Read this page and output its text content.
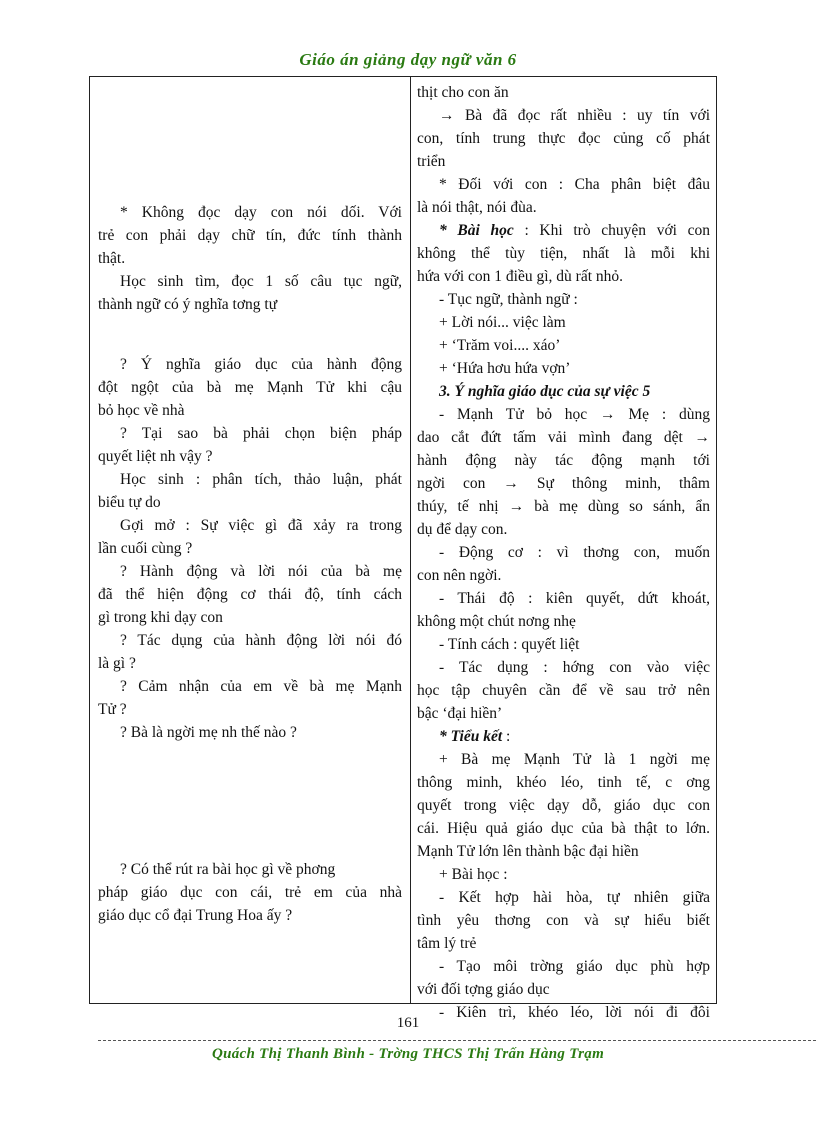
Giáo án giảng dạy ngữ văn 6
* Không đọc dạy con nói dối. Với
trẻ con phải dạy chữ tín, đức tính thành
thật.
Học sinh tìm, đọc 1 số câu tục ngữ,
thành ngữ có ý nghĩa tơng tự
? Ý nghĩa giáo dục của hành động
đột ngột của bà mẹ Mạnh Tử khi cậu
bỏ học về nhà
? Tại sao bà phải chọn biện pháp
quyết liệt nh vậy ?
Học sinh : phân tích, thảo luận, phát
biểu tự do
Gợi mở : Sự việc gì đã xảy ra trong
lần cuối cùng ?
? Hành động và lời nói của bà mẹ
đã thể hiện động cơ thái độ, tính cách
gì trong khi dạy con
? Tác dụng của hành động lời nói đó
là gì ?
? Cảm nhận của em về bà mẹ Mạnh
Tử ?
? Bà là ngời mẹ nh thế nào ?
? Có thể rút ra bài học gì về phơng
pháp giáo dục con cái, trẻ em của nhà
giáo dục cổ đại Trung Hoa ấy ?
thịt cho con ăn
→ Bà đã đọc rất nhiều : uy tín với
con, tính trung thực đọc củng cố phát
triển
* Đối với con : Cha phân biệt đâu
là nói thật, nói đùa.
* Bài học : Khi trò chuyện với con
không thể tùy tiện, nhất là mỗi khi
hứa với con 1 điều gì, dù rất nhỏ.
- Tục ngữ, thành ngữ :
+ Lời nói... việc làm
+ ‘Trăm voi.... xáo’
+ ‘Hứa hơu hứa vợn’
3. Ý nghĩa giáo dục của sự việc 5
- Mạnh Tử bỏ học → Mẹ : dùng
dao cắt đứt tấm vải mình đang dệt →
hành động này tác động mạnh tới
ngời con → Sự thông minh, thâm
thúy, tế nhị → bà mẹ dùng so sánh, ẩn
dụ để dạy con.
- Động cơ : vì thơng con, muốn
con nên ngời.
- Thái độ : kiên quyết, dứt khoát,
không một chút nơng nhẹ
- Tính cách : quyết liệt
- Tác dụng : hớng con vào việc
học tập chuyên cần để về sau trở nên
bậc ‘đại hiền’
* Tiểu kết :
+ Bà mẹ Mạnh Tử là 1 ngời mẹ
thông minh, khéo léo, tinh tế, c ơng
quyết trong việc dạy dỗ, giáo dục con
cái. Hiệu quả giáo dục của bà thật to lớn.
Mạnh Tử lớn lên thành bậc đại hiền
+ Bài học :
- Kết hợp hài hòa, tự nhiên giữa
tình yêu thơng con và sự hiểu biết
tâm lý trẻ
- Tạo môi trờng giáo dục phù hợp
với đối tợng giáo dục
- Kiên trì, khéo léo, lời nói đi đôi
161
Quách Thị Thanh Bình - Trờng THCS Thị Trấn Hàng Trạm
